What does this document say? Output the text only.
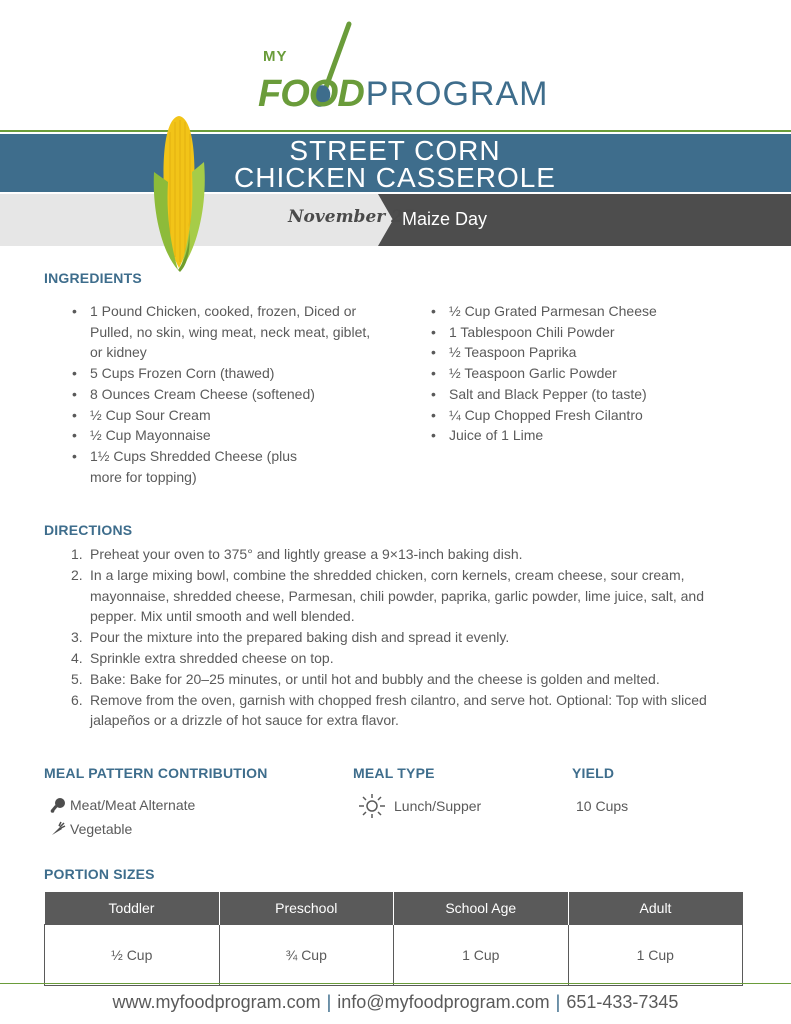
MY
FOOD PROGRAM
STREET CORN
CHICKEN CASSEROLE
November 25
Maize Day
INGREDIENTS
• 1 Pound Chicken, cooked, frozen, Diced or Pulled, no skin, wing meat, neck meat, giblet, or kidney
• 5 Cups Frozen Corn (thawed)
• 8 Ounces Cream Cheese (softened)
• ½ Cup Sour Cream
• ½ Cup Mayonnaise
• 1½ Cups Shredded Cheese (plus more for topping)
• ½ Cup Grated Parmesan Cheese
• 1 Tablespoon Chili Powder
• ½ Teaspoon Paprika
• ½ Teaspoon Garlic Powder
• Salt and Black Pepper (to taste)
• ¼ Cup Chopped Fresh Cilantro
• Juice of 1 Lime
DIRECTIONS
1. Preheat your oven to 375° and lightly grease a 9×13-inch baking dish.
2. In a large mixing bowl, combine the shredded chicken, corn kernels, cream cheese, sour cream, mayonnaise, shredded cheese, Parmesan, chili powder, paprika, garlic powder, lime juice, salt, and pepper. Mix until smooth and well blended.
3. Pour the mixture into the prepared baking dish and spread it evenly.
4. Sprinkle extra shredded cheese on top.
5. Bake: Bake for 20–25 minutes, or until hot and bubbly and the cheese is golden and melted.
6. Remove from the oven, garnish with chopped fresh cilantro, and serve hot. Optional: Top with sliced jalapeños or a drizzle of hot sauce for extra flavor.
MEAL PATTERN CONTRIBUTION
Meat/Meat Alternate
Vegetable
MEAL TYPE
Lunch/Supper
YIELD
10 Cups
PORTION SIZES
Toddler	Preschool	School Age	Adult
½ Cup	¾ Cup	1 Cup	1 Cup
www.myfoodprogram.com | info@myfoodprogram.com | 651-433-7345
